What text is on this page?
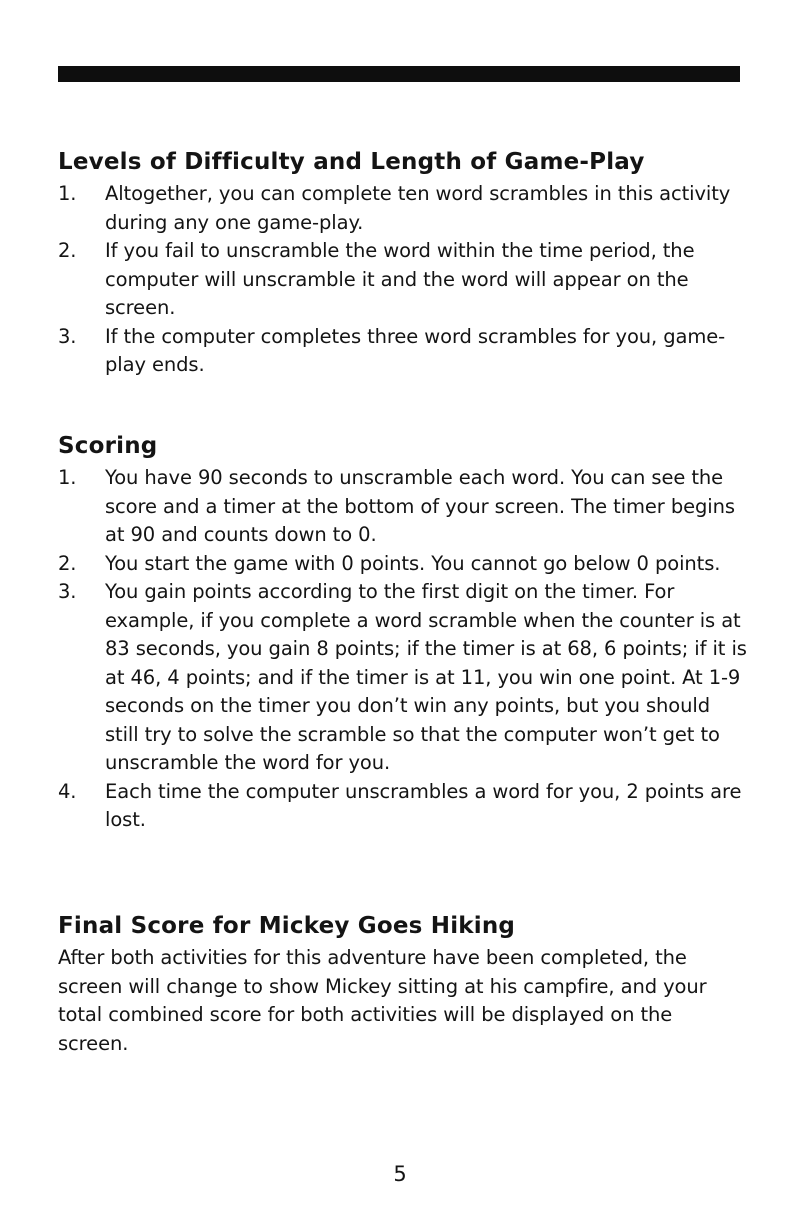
Levels of Difficulty and Length of Game-Play
1. Altogether, you can complete ten word scrambles in this activity during any one game-play.
2. If you fail to unscramble the word within the time period, the computer will unscramble it and the word will appear on the screen.
3. If the computer completes three word scrambles for you, game-play ends.
Scoring
1. You have 90 seconds to unscramble each word. You can see the score and a timer at the bottom of your screen. The timer begins at 90 and counts down to 0.
2. You start the game with 0 points. You cannot go below 0 points.
3. You gain points according to the first digit on the timer. For example, if you complete a word scramble when the counter is at 83 seconds, you gain 8 points; if the timer is at 68, 6 points; if it is at 46, 4 points; and if the timer is at 11, you win one point. At 1-9 seconds on the timer you don’t win any points, but you should still try to solve the scramble so that the computer won’t get to unscramble the word for you.
4. Each time the computer unscrambles a word for you, 2 points are lost.
Final Score for Mickey Goes Hiking

After both activities for this adventure have been completed, the screen will change to show Mickey sitting at his campfire, and your total combined score for both activities will be displayed on the screen.

5
